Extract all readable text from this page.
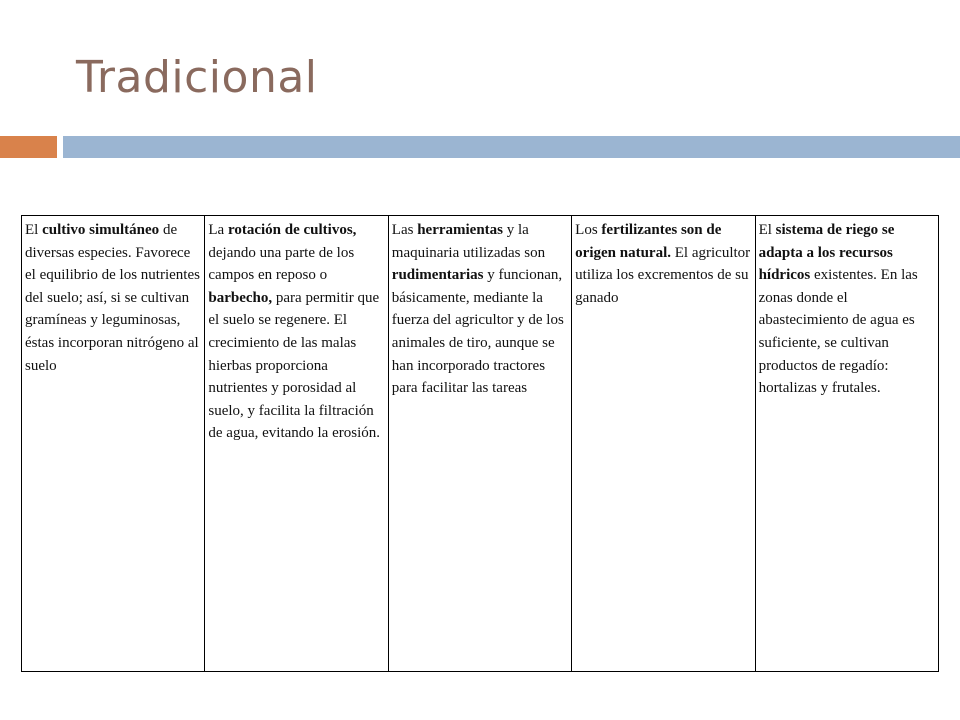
Tradicional
El cultivo simultáneo de diversas especies. Favorece el equilibrio de los nutrientes del suelo; así, si se cultivan gramíneas y leguminosas, éstas incorporan nitrógeno al suelo	La rotación de cultivos, dejando una parte de los campos en reposo o barbecho, para permitir que el suelo se regenere. El crecimiento de las malas hierbas proporciona nutrientes y porosidad al suelo, y facilita la filtración de agua, evitando la erosión.	Las herramientas y la maquinaria utilizadas son rudimentarias y funcionan, básicamente, mediante la fuerza del agricultor y de los animales de tiro, aunque se han incorporado tractores para facilitar las tareas	Los fertilizantes son de origen natural. El agricultor utiliza los excrementos de su ganado	El sistema de riego se adapta a los recursos hídricos existentes. En las zonas donde el abastecimiento de agua es suficiente, se cultivan productos de regadío: hortalizas y frutales.
